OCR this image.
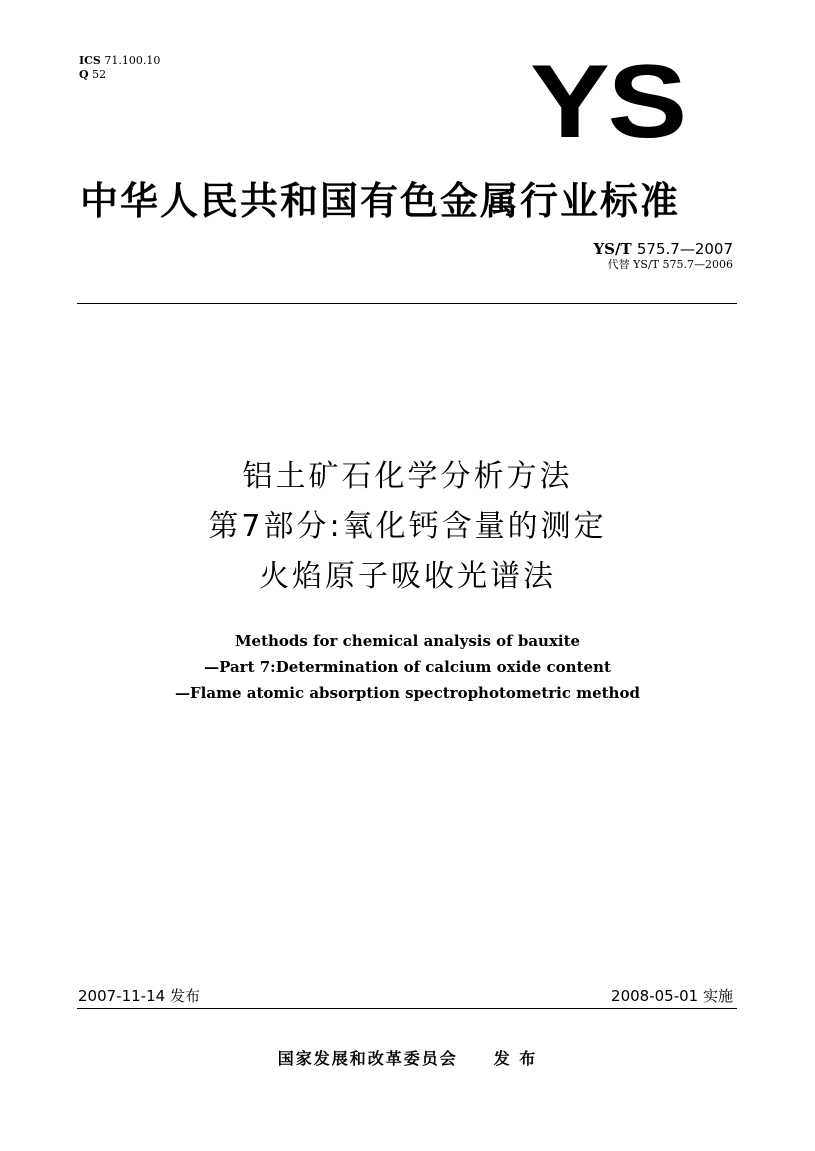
ICS 71.100.10
Q 52	YS
中华人民共和国有色金属行业标准
YS/T 575.7—2007
代替 YS/T 575.7—2006
铝土矿石化学分析方法
第7部分:氧化钙含量的测定
火焰原子吸收光谱法
Methods for chemical analysis of bauxite
—Part 7:Determination of calcium oxide content
—Flame atomic absorption spectrophotometric method
2007-11-14 发布	2008-05-01 实施
国家发展和改革委员会 发 布
